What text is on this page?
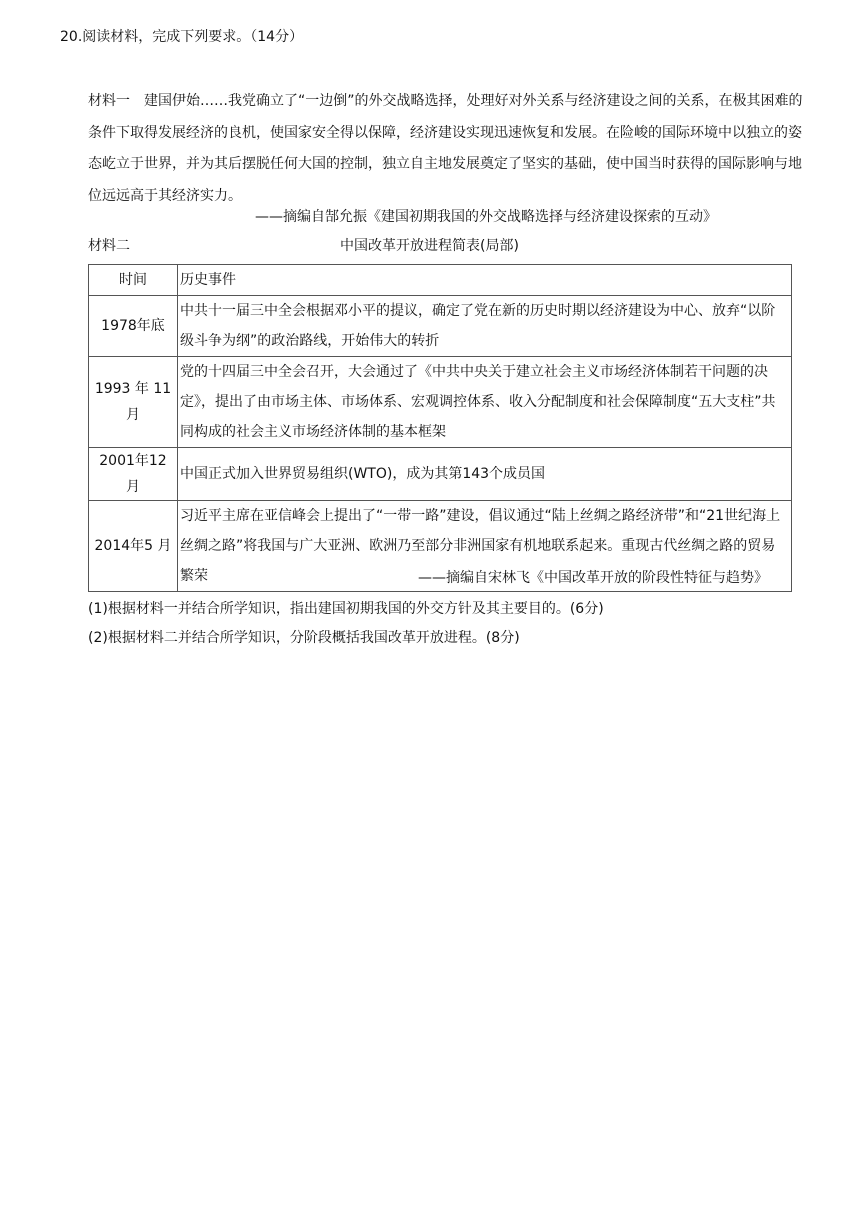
20.阅读材料，完成下列要求。（14分）
材料一 建国伊始……我党确立了“一边倒”的外交战略选择，处理好对外关系与经济建设之间的关系，在极其困难的条件下取得发展经济的良机，使国家安全得以保障，经济建设实现迅速恢复和发展。在险峻的国际环境中以独立的姿态屹立于世界，并为其后摆脱任何大国的控制，独立自主地发展奠定了坚实的基础，使中国当时获得的国际影响与地位远远高于其经济实力。
——摘编自郜允振《建国初期我国的外交战略选择与经济建设探索的互动》
材料二	中国改革开放进程简表(局部)
时间	历史事件
1978年底	中共十一届三中全会根据邓小平的提议，确定了党在新的历史时期以经济建设为中心、放弃“以阶级斗争为纲”的政治路线，开始伟大的转折
1993 年 11 月	党的十四届三中全会召开，大会通过了《中共中央关于建立社会主义市场经济体制若干问题的决定》，提出了由市场主体、市场体系、宏观调控体系、收入分配制度和社会保障制度“五大支柱”共同构成的社会主义市场经济体制的基本框架
2001年12 月	中国正式加入世界贸易组织(WTO)，成为其第143个成员国
2014年5 月	习近平主席在亚信峰会上提出了“一带一路”建设，倡议通过“陆上丝绸之路经济带”和“21世纪海上丝绸之路”将我国与广大亚洲、欧洲乃至部分非洲国家有机地联系起来。重现古代丝绸之路的贸易繁荣	——摘编自宋林飞《中国改革开放的阶段性特征与趋势》
(1)根据材料一并结合所学知识，指出建国初期我国的外交方针及其主要目的。(6分)
(2)根据材料二并结合所学知识，分阶段概括我国改革开放进程。(8分)
